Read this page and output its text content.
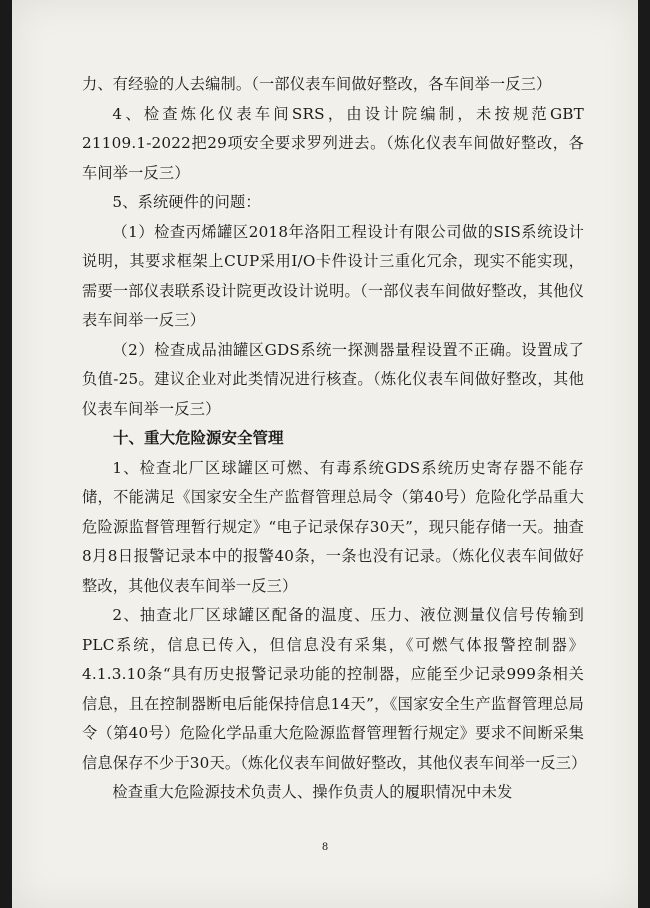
力、有经验的人去编制。（一部仪表车间做好整改，各车间举一反三）

4、检查炼化仪表车间SRS，由设计院编制，未按规范GBT 21109.1-2022把29项安全要求罗列进去。（炼化仪表车间做好整改，各车间举一反三）

5、系统硬件的问题：

（1）检查丙烯罐区2018年洛阳工程设计有限公司做的SIS系统设计说明，其要求框架上CUP采用I/O卡件设计三重化冗余，现实不能实现，需要一部仪表联系设计院更改设计说明。（一部仪表车间做好整改，其他仪表车间举一反三）

（2）检查成品油罐区GDS系统一探测器量程设置不正确。设置成了负值-25。建议企业对此类情况进行核查。（炼化仪表车间做好整改，其他仪表车间举一反三）

十、重大危险源安全管理

1、检查北厂区球罐区可燃、有毒系统GDS系统历史寄存器不能存储，不能满足《国家安全生产监督管理总局令（第40号）危险化学品重大危险源监督管理暂行规定》“电子记录保存30天”，现只能存储一天。抽查8月8日报警记录本中的报警40条，一条也没有记录。（炼化仪表车间做好整改，其他仪表车间举一反三）

2、抽查北厂区球罐区配备的温度、压力、液位测量仪信号传输到PLC系统，信息已传入，但信息没有采集，《可燃气体报警控制器》4.1.3.10条“具有历史报警记录功能的控制器，应能至少记录999条相关信息，且在控制器断电后能保持信息14天”，《国家安全生产监督管理总局令（第40号）危险化学品重大危险源监督管理暂行规定》要求不间断采集信息保存不少于30天。（炼化仪表车间做好整改，其他仪表车间举一反三）

检查重大危险源技术负责人、操作负责人的履职情况中未发

8
